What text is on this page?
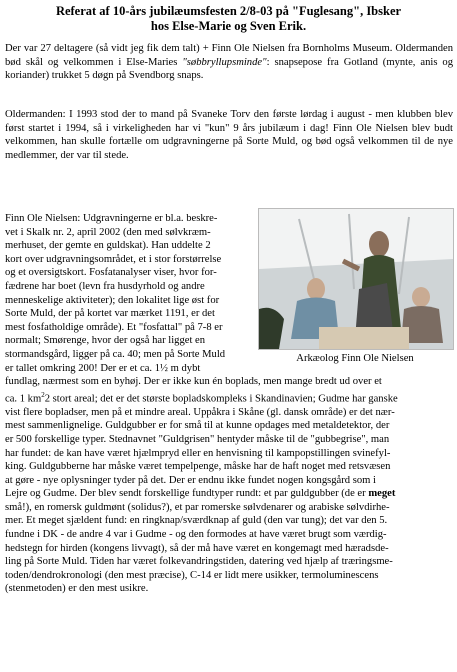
Referat af 10-års jubilæumsfesten 2/8-03 på "Fuglesang", Ibsker
hos Else-Marie og Sven Erik.

Der var 27 deltagere (så vidt jeg fik dem talt) + Finn Ole Nielsen fra Bornholms Museum. Oldermanden bød skål og velkommen i Else-Maries "søbbryllupsminde": snapsepose fra Gotland (mynte, anis og koriander) trukket 5 døgn på Svendborg snaps.

Oldermanden: I 1993 stod der to mand på Svaneke Torv den første lørdag i august - men klubben blev først startet i 1994, så i virkeligheden har vi "kun" 9 års jubilæum i dag! Finn Ole Nielsen blev budt velkommen, han skulle fortælle om udgravningerne på Sorte Muld, og bød også velkommen til de nye medlemmer, der var til stede.

Finn Ole Nielsen: Udgravningerne er bl.a. beskre-
vet i Skalk nr. 2, april 2002 (den med sølvkræm-
merhuset, der gemte en guldskat). Han uddelte 2
kort over udgravningsområdet, et i stor forstørrelse
og et oversigtskort. Fosfatanalyser viser, hvor for-
fædrene har boet (levn fra husdyrhold og andre
menneskelige aktiviteter); den lokalitet lige øst for
Sorte Muld, der på kortet var mærket 1191, er det
mest fosfatholdige område). Et "fosfattal" på 7-8 er
normalt; Smørenge, hvor der også har ligget en
stormandsgård, ligger på ca. 40; men på Sorte Muld
er tallet omkring 200! Der er et ca. 1½ m dybt
Arkæolog Finn Ole Nielsen
fundlag, nærmest som en byhøj. Der er ikke kun én boplads, men mange bredt ud over et
ca. 1 $km^22$ stort areal; det er det største bopladskompleks i Skandinavien; Gudme har ganske
vist flere bopladser, men på et mindre areal. Uppåkra i Skåne (gl. dansk område) er det nær-
mest sammenlignelige. Guldgubber er for små til at kunne opdages med metaldetektor, der
er 500 forskellige typer. Stednavnet "Guldgrisen" hentyder måske til de "gubbegrise", man
har fundet: de kan have været hjælmpryd eller en henvisning til kampopstillingen svinefyl-
king. Guldgubberne har måske været tempelpenge, måske har de haft noget med retsvæsen
at gøre - nye oplysninger tyder på det. Der er endnu ikke fundet nogen kongsgård som i
Lejre og Gudme. Der blev sendt forskellige fundtyper rundt: et par guldgubber (de er meget
små!), en romersk guldmønt (solidus?), et par romerske sølvdenarer og arabiske sølvdirhe-
mer. Et meget sjældent fund: en ringknap/sværdknap af guld (den var tung); det var den 5.
fundne i DK - de andre 4 var i Gudme - og den formodes at have været brugt som værdig-
hedstegn for hirden (kongens livvagt), så der må have været en kongemagt med hæradsde-
ling på Sorte Muld. Tiden har været folkevandringstiden, datering ved hjælp af træringsme-
toden/dendrokronologi (den mest præcise), C-14 er lidt mere usikker, termoluminescens
(stenmetoden) er den mest usikre.
